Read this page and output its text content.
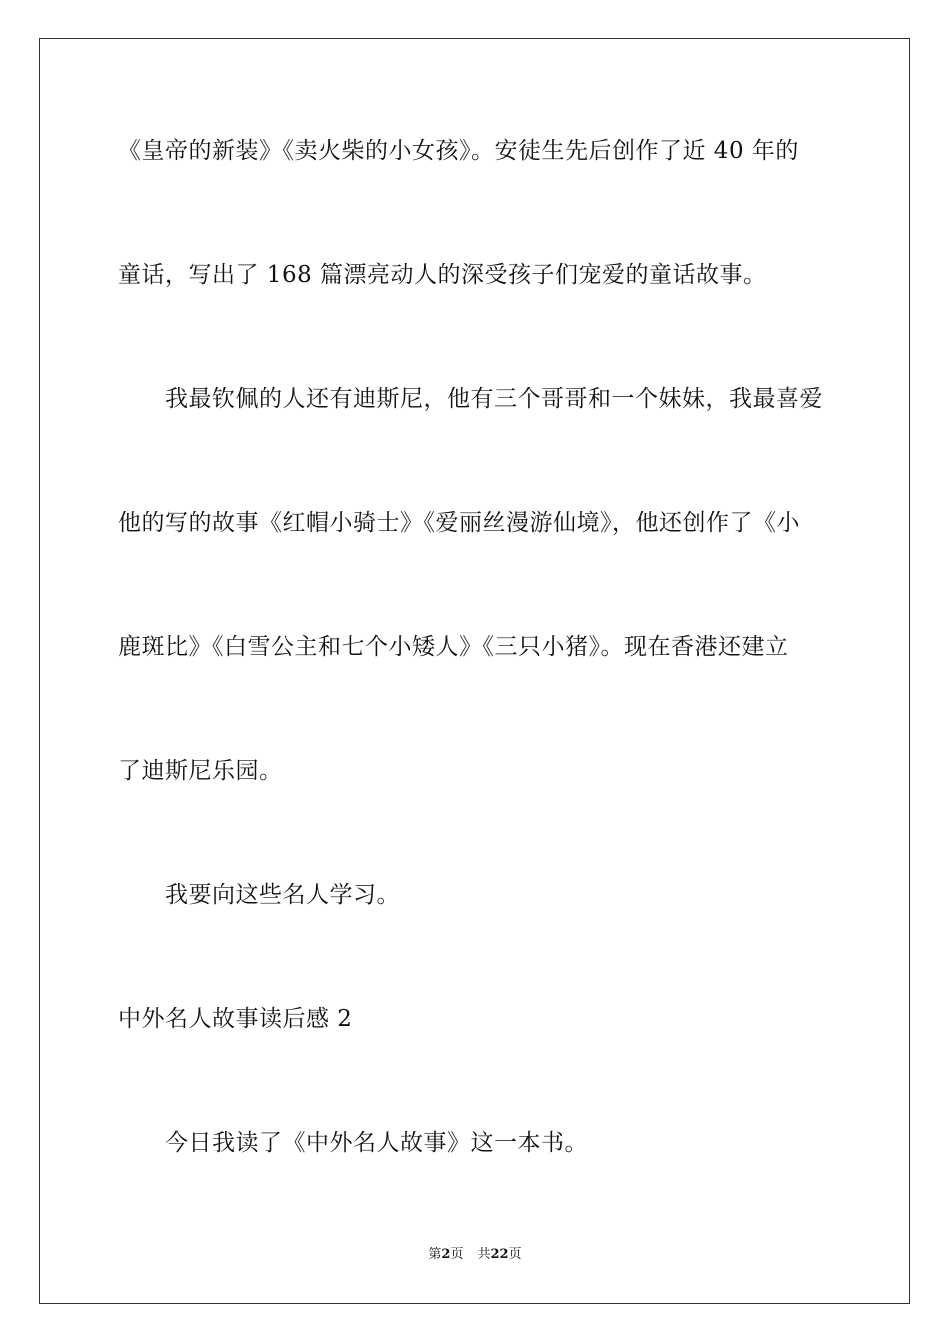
《皇帝的新装》《卖火柴的小女孩》。安徒生先后创作了近 40 年的
童话，写出了 168 篇漂亮动人的深受孩子们宠爱的童话故事。
我最钦佩的人还有迪斯尼，他有三个哥哥和一个妹妹，我最喜爱
他的写的故事《红帽小骑士》《爱丽丝漫游仙境》，他还创作了《小
鹿斑比》《白雪公主和七个小矮人》《三只小猪》。现在香港还建立
了迪斯尼乐园。
我要向这些名人学习。
中外名人故事读后感 2
今日我读了《中外名人故事》这一本书。
第2页 共22页
